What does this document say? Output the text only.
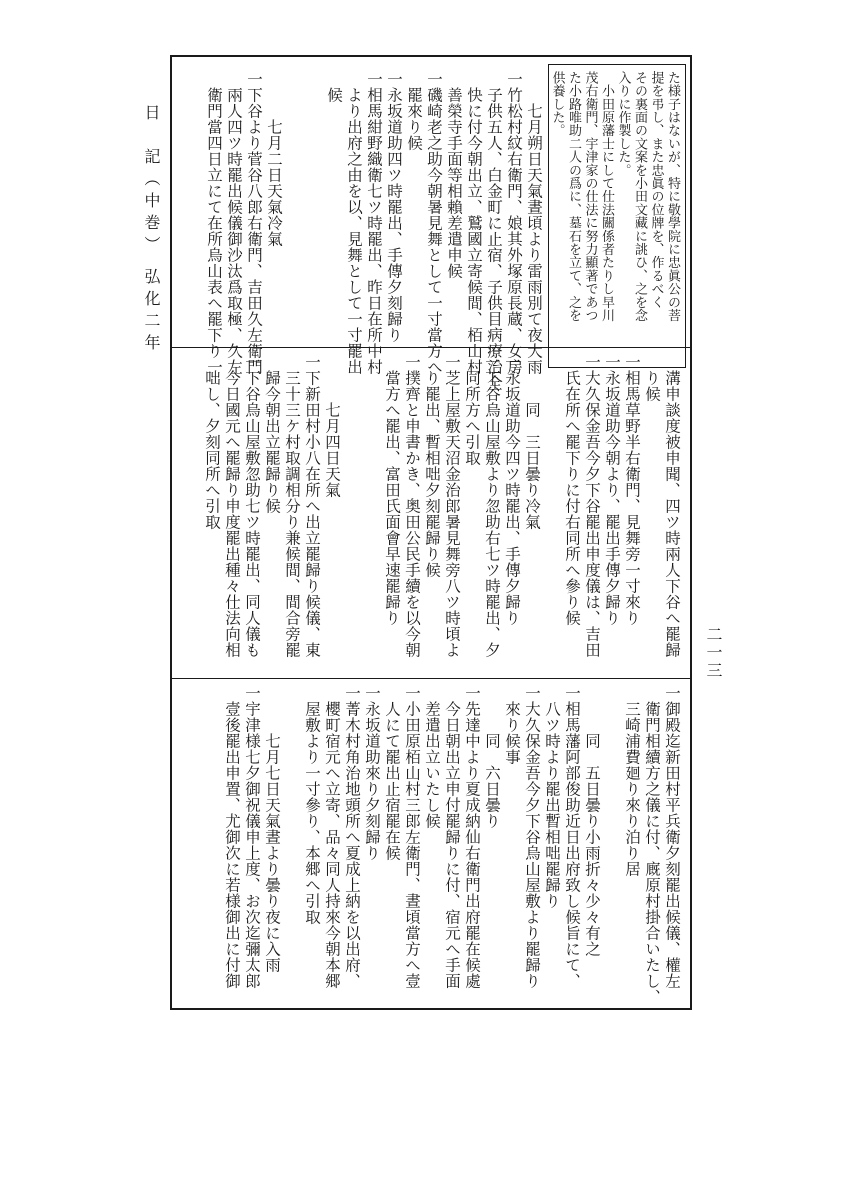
た様子はないが、特に敬學院に忠眞公の菩
提を弔し、また忠眞の位牌を、作るべく
その裏面の文案を小田文藏に誂ひ、之を念
入りに作製した。
　小田原藩士にして仕法關係者たりし早川
茂右衛門、宇津家の仕法に努力顯著であつ
た小路唯助二人の爲に、墓石を立て、之を
供養した。
　　七月朔日天氣晝頃より雷雨別て夜大雨
一竹松村紋右衛門、娘其外塚原長蔵、女房
　子供五人、白金町に止宿、子供目病療治全
　快に付今朝出立、鷲國立寄候間、栢山村
　善榮寺手面等相賴差遣申候
一磯崎老之助今朝暑見舞として一寸當方へ
　罷來り候
一永坂道助四ツ時罷出、手傳夕刻歸り
一相馬紺野織衛七ツ時罷出、昨日在所中村
　より出府之由を以、見舞として一寸罷出
　候

　　　七月二日天氣冷氣
一下谷より菅谷八郎右衛門、吉田久左衛門
　兩人四ツ時罷出候儀御沙汰爲取極、久左
　衛門當四日立にて在所烏山表へ罷下り一
　溝申談度被申聞、四ツ時兩人下谷へ罷歸
　り候
一相馬草野半右衛門、見舞旁一寸來り
一永坂道助今朝より、罷出手傳夕歸り
一大久保金吾今夕下谷罷出申度儀は、吉田
　氏在所へ罷下りに付右同所へ參り候

　　　同　三日曇り冷氣
一永坂道助今四ツ時罷出、手傳夕歸り
一下谷烏山屋敷より忽助右七ツ時罷出、夕
　同所方へ引取
一芝上屋敷天沼金治郎暑見舞旁八ツ時頃よ
　り罷出、暫相咄夕刻罷歸り候
一撲齊と申書かき、奥田公民手續を以今朝
　當方へ罷出、富田氏面會早速罷歸り

　　　七月四日天氣
一下新田村小八在所へ出立罷歸り候儀、東
　三十三ケ村取調相分り兼候間、間合旁罷
　歸今朝出立罷歸り候
一下谷烏山屋敷忽助七ツ時罷出、同人儀も
　今日國元へ罷歸り申度罷出種々仕法向相
　咄し、夕刻同所へ引取
一御殿迄新田村平兵衛夕刻罷出候儀、權左
　衛門相續方之儀に付、廐原村掛合いたし、
　三崎浦費廻り來り泊り居

　　　同　五日曇り小雨折々少々有之
一相馬藩阿部俊助近日出府致し候旨にて、
　八ツ時より罷出暫相咄罷歸り
一大久保金吾今夕下谷烏山屋敷より罷歸り
　來り候事
　　　同　六日曇り
一先達中より夏成納仙右衛門出府罷在候處
　今日朝出立申付罷歸りに付、宿元へ手面
　差遣出立いたし候
一小田原栢山村三郎左衛門、晝頃當方へ壹
　人にて罷出止宿罷在候
一永坂道助來り夕刻歸り
一菁木村角治地頭所へ夏成上納を以出府、
　櫻町宿元へ立寄、品々同人持來今朝本郷
　屋敷より一寸參り、本郷へ引取

　　　七月七日天氣晝より曇り夜に入雨
一宇津様七夕御祝儀申上度、お次迄彌太郎
　壹後罷出申置、尤御次に若様御出に付御
日　記（中巻）
弘化二年
二一三
